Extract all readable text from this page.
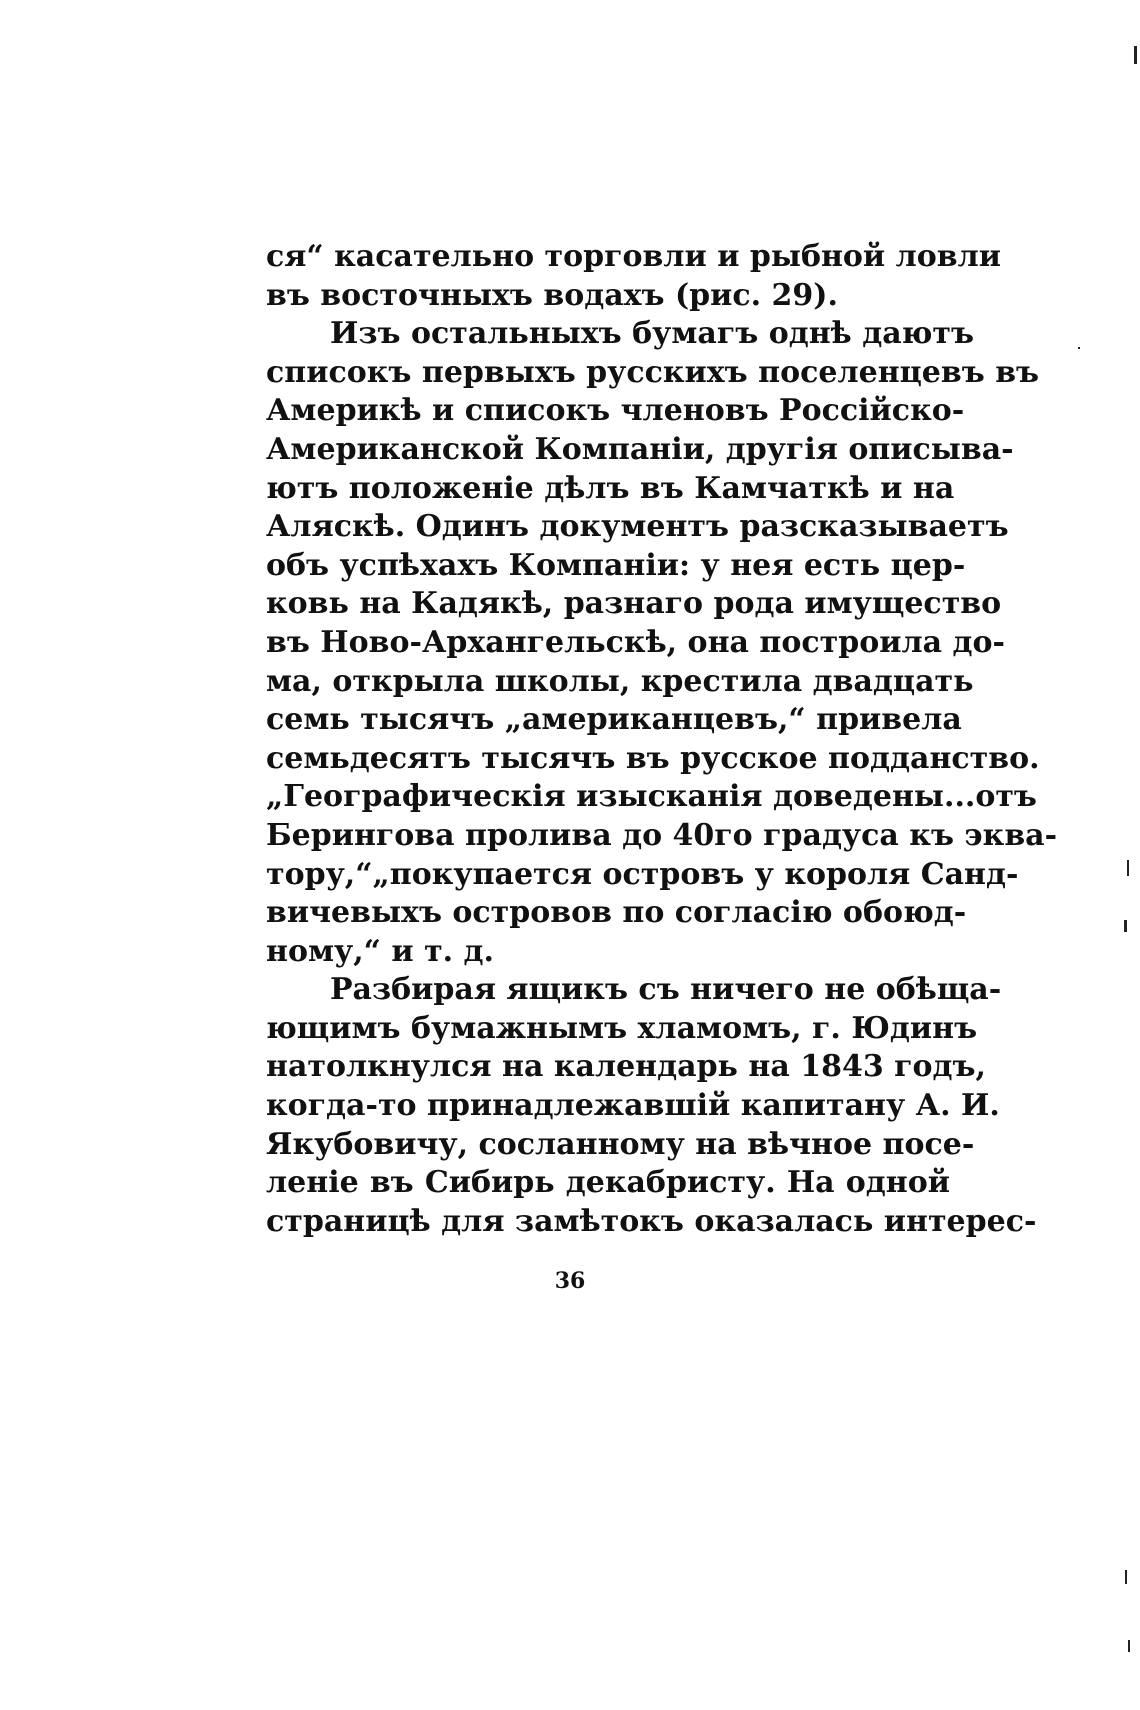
ся“ касательно торговли и рыбной ловли
въ восточныхъ водахъ (рис. 29).
Изъ остальныхъ бумагъ однѣ даютъ
списокъ первыхъ русскихъ поселенцевъ въ
Америкѣ и списокъ членовъ Россійско-
Американской Компаніи, другія описыва-
ютъ положеніе дѣлъ въ Камчаткѣ и на
Аляскѣ. Одинъ документъ разсказываетъ
объ успѣхахъ Компаніи: у нея есть цер-
ковь на Кадякѣ, разнаго рода имущество
въ Ново-Архангельскѣ, она построила до-
ма, открыла школы, крестила двадцать
семь тысячъ „американцевъ,“ привела
семьдесятъ тысячъ въ русское подданство.
„Географическія изысканія доведены...отъ
Берингова пролива до 40го градуса къ эква-
тору,“„покупается островъ у короля Санд-
вичевыхъ островов по согласію обоюд-
ному,“ и т. д.
Разбирая ящикъ съ ничего не обѣща-
ющимъ бумажнымъ хламомъ, г. Юдинъ
натолкнулся на календарь на 1843 годъ,
когда-то принадлежавшій капитану А. И.
Якубовичу, сосланному на вѣчное посе-
леніе въ Сибирь декабристу. На одной
страницѣ для замѣтокъ оказалась интерес-
36
